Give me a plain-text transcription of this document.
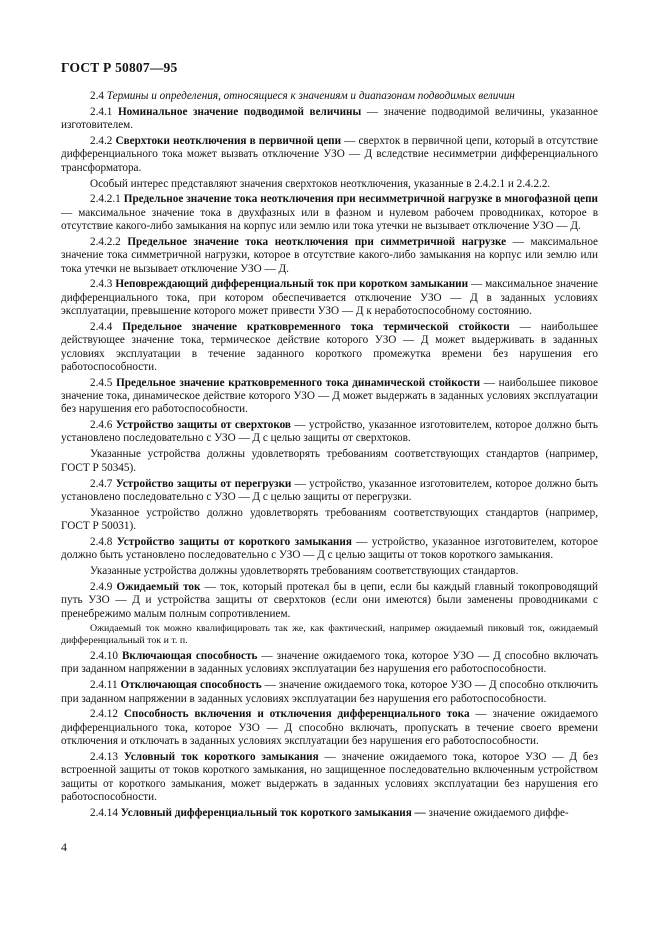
ГОСТ Р 50807—95

2.4 Термины и определения, относящиеся к значениям и диапазонам подводимых величин

2.4.1 Номинальное значение подводимой величины — значение подводимой величины, указанное изготовителем.

2.4.2 Сверхтоки неотключения в первичной цепи — сверхток в первичной цепи, который в отсутствие дифференциального тока может вызвать отключение УЗО — Д вследствие несимметрии дифференциального трансформатора.

Особый интерес представляют значения сверхтоков неотключения, указанные в 2.4.2.1 и 2.4.2.2.

2.4.2.1 Предельное значение тока неотключения при несимметричной нагрузке в многофазной цепи — максимальное значение тока в двухфазных или в фазном и нулевом рабочем проводниках, которое в отсутствие какого-либо замыкания на корпус или землю или тока утечки не вызывает отключение УЗО — Д.

2.4.2.2 Предельное значение тока неотключения при симметричной нагрузке — максимальное значение тока симметричной нагрузки, которое в отсутствие какого-либо замыкания на корпус или землю или тока утечки не вызывает отключение УЗО — Д.

2.4.3 Неповреждающий дифференциальный ток при коротком замыкании — максимальное значение дифференциального тока, при котором обеспечивается отключение УЗО — Д в заданных условиях эксплуатации, превышение которого может привести УЗО — Д к неработоспособному состоянию.

2.4.4 Предельное значение кратковременного тока термической стойкости — наибольшее действующее значение тока, термическое действие которого УЗО — Д может выдерживать в заданных условиях эксплуатации в течение заданного короткого промежутка времени без нарушения его работоспособности.

2.4.5 Предельное значение кратковременного тока динамической стойкости — наибольшее пиковое значение тока, динамическое действие которого УЗО — Д может выдержать в заданных условиях эксплуатации без нарушения его работоспособности.

2.4.6 Устройство защиты от сверхтоков — устройство, указанное изготовителем, которое должно быть установлено последовательно с УЗО — Д с целью защиты от сверхтоков.

Указанные устройства должны удовлетворять требованиям соответствующих стандартов (например, ГОСТ Р 50345).

2.4.7 Устройство защиты от перегрузки — устройство, указанное изготовителем, которое должно быть установлено последовательно с УЗО — Д с целью защиты от перегрузки.

Указанное устройство должно удовлетворять требованиям соответствующих стандартов (например, ГОСТ Р 50031).

2.4.8 Устройство защиты от короткого замыкания — устройство, указанное изготовителем, которое должно быть установлено последовательно с УЗО — Д с целью защиты от токов короткого замыкания.

Указанные устройства должны удовлетворять требованиям соответствующих стандартов.

2.4.9 Ожидаемый ток — ток, который протекал бы в цепи, если бы каждый главный токопроводящий путь УЗО — Д и устройства защиты от сверхтоков (если они имеются) были заменены проводниками с пренебрежимо малым полным сопротивлением.

Ожидаемый ток можно квалифицировать так же, как фактический, например ожидаемый пиковый ток, ожидаемый дифференциальный ток и т. п.

2.4.10 Включающая способность — значение ожидаемого тока, которое УЗО — Д способно включать при заданном напряжении в заданных условиях эксплуатации без нарушения его работоспособности.

2.4.11 Отключающая способность — значение ожидаемого тока, которое УЗО — Д способно отключить при заданном напряжении в заданных условиях эксплуатации без нарушения его работоспособности.

2.4.12 Способность включения и отключения дифференциального тока — значение ожидаемого дифференциального тока, которое УЗО — Д способно включать, пропускать в течение своего времени отключения и отключать в заданных условиях эксплуатации без нарушения его работоспособности.

2.4.13 Условный ток короткого замыкания — значение ожидаемого тока, которое УЗО — Д без встроенной защиты от токов короткого замыкания, но защищенное последовательно включенным устройством защиты от короткого замыкания, может выдержать в заданных условиях эксплуатации без нарушения его работоспособности.

2.4.14 Условный дифференциальный ток короткого замыкания — значение ожидаемого диффе-

4
